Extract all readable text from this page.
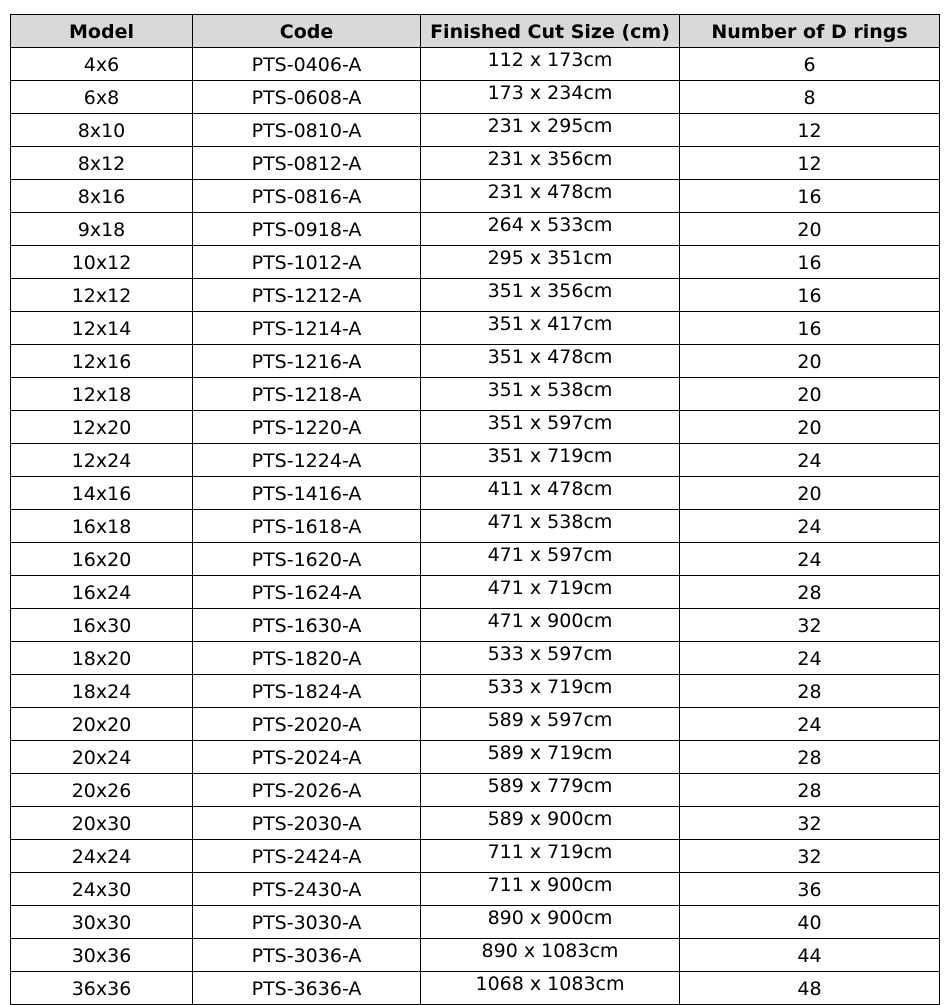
Model	Code	Finished Cut Size (cm)	Number of D rings
4x6	PTS-0406-A	112 x 173cm	6
6x8	PTS-0608-A	173 x 234cm	8
8x10	PTS-0810-A	231 x 295cm	12
8x12	PTS-0812-A	231 x 356cm	12
8x16	PTS-0816-A	231 x 478cm	16
9x18	PTS-0918-A	264 x 533cm	20
10x12	PTS-1012-A	295 x 351cm	16
12x12	PTS-1212-A	351 x 356cm	16
12x14	PTS-1214-A	351 x 417cm	16
12x16	PTS-1216-A	351 x 478cm	20
12x18	PTS-1218-A	351 x 538cm	20
12x20	PTS-1220-A	351 x 597cm	20
12x24	PTS-1224-A	351 x 719cm	24
14x16	PTS-1416-A	411 x 478cm	20
16x18	PTS-1618-A	471 x 538cm	24
16x20	PTS-1620-A	471 x 597cm	24
16x24	PTS-1624-A	471 x 719cm	28
16x30	PTS-1630-A	471 x 900cm	32
18x20	PTS-1820-A	533 x 597cm	24
18x24	PTS-1824-A	533 x 719cm	28
20x20	PTS-2020-A	589 x 597cm	24
20x24	PTS-2024-A	589 x 719cm	28
20x26	PTS-2026-A	589 x 779cm	28
20x30	PTS-2030-A	589 x 900cm	32
24x24	PTS-2424-A	711 x 719cm	32
24x30	PTS-2430-A	711 x 900cm	36
30x30	PTS-3030-A	890 x 900cm	40
30x36	PTS-3036-A	890 x 1083cm	44
36x36	PTS-3636-A	1068 x 1083cm	48
